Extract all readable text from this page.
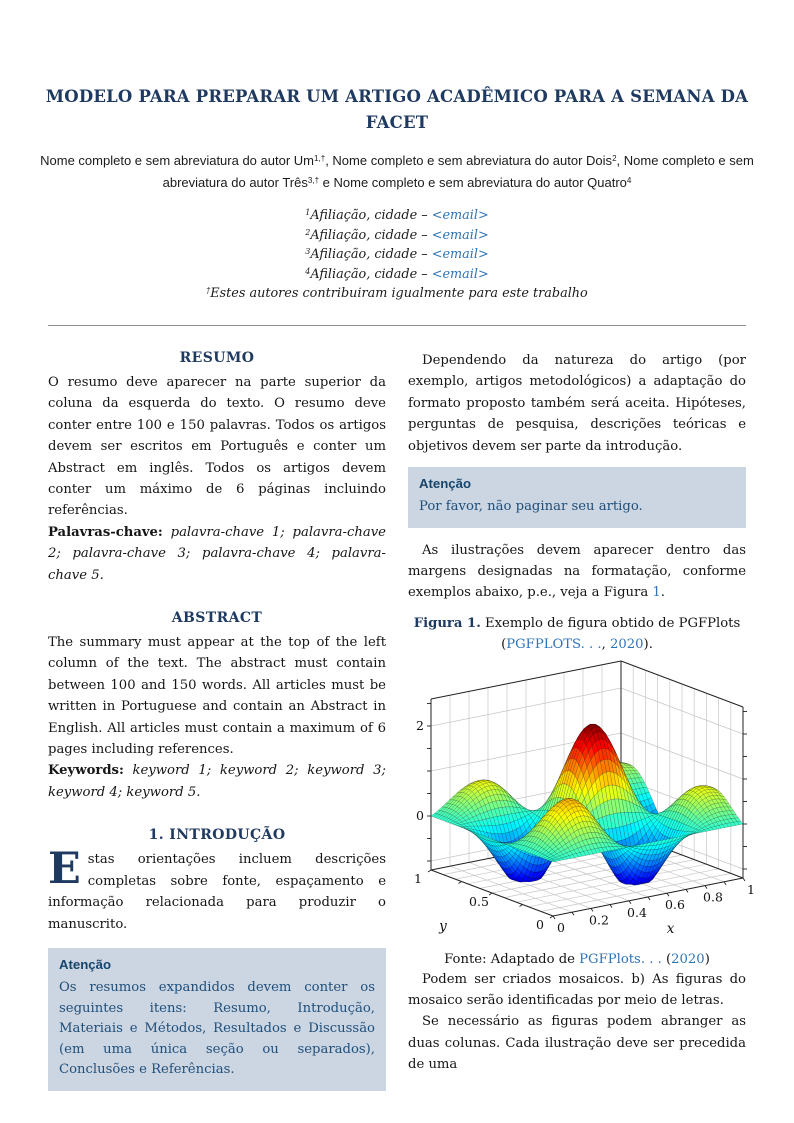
MODELO PARA PREPARAR UM ARTIGO ACADÊMICO PARA A SEMANA DA FACET
Nome completo e sem abreviatura do autor $Um^{1,\dagger}$, Nome completo e sem abreviatura do autor Dois$^2$, Nome completo e sem abreviatura do autor Três$^{3,\dagger}$ e Nome completo e sem abreviatura do autor Quatro$^4$
$^1$Afiliação, cidade – <email>
$^2$Afiliação, cidade – <email>
$^3$Afiliação, cidade – <email>
$^4$Afiliação, cidade – <email>
†Estes autores contribuiram igualmente para este trabalho
RESUMO

O resumo deve aparecer na parte superior da coluna da esquerda do texto. O resumo deve conter entre 100 e 150 palavras. Todos os artigos devem ser escritos em Português e conter um Abstract em inglês. Todos os artigos devem conter um máximo de 6 páginas incluindo referências.

Palavras-chave: palavra-chave 1; palavra-chave 2; palavra-chave 3; palavra-chave 4; palavra-chave 5.

ABSTRACT

The summary must appear at the top of the left column of the text. The abstract must contain between 100 and 150 words. All articles must be written in Portuguese and contain an Abstract in English. All articles must contain a maximum of 6 pages including references.

Keywords: keyword 1; keyword 2; keyword 3; keyword 4; keyword 5.

1. INTRODUÇÃO

Estas orientações incluem descrições completas sobre fonte, espaçamento e informação relacionada para produzir o manuscrito.

Atenção

Os resumos expandidos devem conter os seguintes itens: Resumo, Introdução, Materiais e Métodos, Resultados e Discussão (em uma única seção ou separados), Conclusões e Referências.

Dependendo da natureza do artigo (por exemplo, artigos metodológicos) a adaptação do formato proposto também será aceita. Hipóteses, perguntas de pesquisa, descrições teóricas e objetivos devem ser parte da introdução.

Atenção

Por favor, não paginar seu artigo.

As ilustrações devem aparecer dentro das margens designadas na formatação, conforme exemplos abaixo, p.e., veja a Figura 1.

Figura 1. Exemplo de figura obtido de PGFPlots (PGFPLOTS. . ., 2020).

Fonte: Adaptado de PGFPlots. . . (2020)

Podem ser criados mosaicos. b) As figuras do mosaico serão identificadas por meio de letras.

Se necessário as figuras podem abranger as duas colunas. Cada ilustração deve ser precedida de uma
